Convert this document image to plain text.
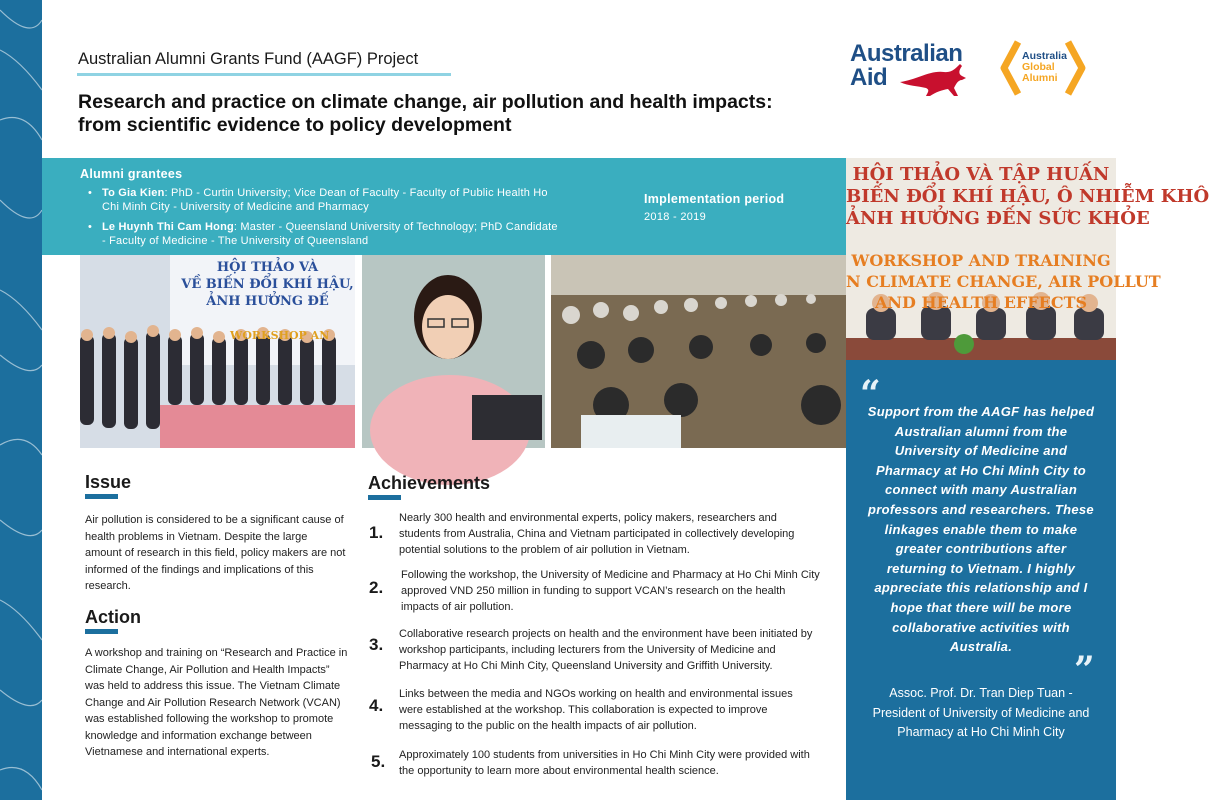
Australian Alumni Grants Fund (AAGF) Project
Research and practice on climate change, air pollution and health impacts:
from scientific evidence to policy development
Australian
Aid
Australia
Global
Alumni
Alumni grantees
• To Gia Kien: PhD - Curtin University; Vice Dean of Faculty - Faculty of Public Health Ho Chi Minh City - University of Medicine and Pharmacy
• Le Huynh Thi Cam Hong: Master - Queensland University of Technology; PhD Candidate - Faculty of Medicine - The University of Queensland
Implementation period
2018 - 2019
HỘI THẢO VÀ
VỀ BIẾN ĐỔI KHÍ HẬU,
ẢNH HƯỞNG ĐẾ
WORKSHOP AN
HỘI THẢO VÀ TẬP HUẤN
BIẾN ĐỔI KHÍ HẬU, Ô NHIỄM KHÔ
ẢNH HƯỞNG ĐẾN SỨC KHỎE
WORKSHOP AND TRAINING
N CLIMATE CHANGE, AIR POLLUT
AND HEALTH EFFECTS
Issue
Air pollution is considered to be a significant cause of health problems in Vietnam. Despite the large amount of research in this field, policy makers are not informed of the findings and implications of this research.
Action
A workshop and training on “Research and Practice in Climate Change, Air Pollution and Health Impacts” was held to address this issue. The Vietnam Climate Change and Air Pollution Research Network (VCAN) was established following the workshop to promote knowledge and information exchange between Vietnamese and international experts.
Achievements
1.
Nearly 300 health and environmental experts, policy makers, researchers and students from Australia, China and Vietnam participated in collectively developing potential solutions to the problem of air pollution in Vietnam.
2.
Following the workshop, the University of Medicine and Pharmacy at Ho Chi Minh City approved VND 250 million in funding to support VCAN’s research on the health impacts of air pollution.
3.
Collaborative research projects on health and the environment have been initiated by workshop participants, including lecturers from the University of Medicine and Pharmacy at Ho Chi Minh City, Queensland University and Griffith University.
4.
Links between the media and NGOs working on health and environmental issues were established at the workshop. This collaboration is expected to improve messaging to the public on the health impacts of air pollution.
5. Approximately 100 students from universities in Ho Chi Minh City were provided with the opportunity to learn more about environmental health science.
“
Support from the AAGF has helped Australian alumni from the University of Medicine and Pharmacy at Ho Chi Minh City to connect with many Australian professors and researchers. These linkages enable them to make greater contributions after returning to Vietnam. I highly appreciate this relationship and I hope that there will be more collaborative activities with Australia.
”
Assoc. Prof. Dr. Tran Diep Tuan - President of University of Medicine and Pharmacy at Ho Chi Minh City
